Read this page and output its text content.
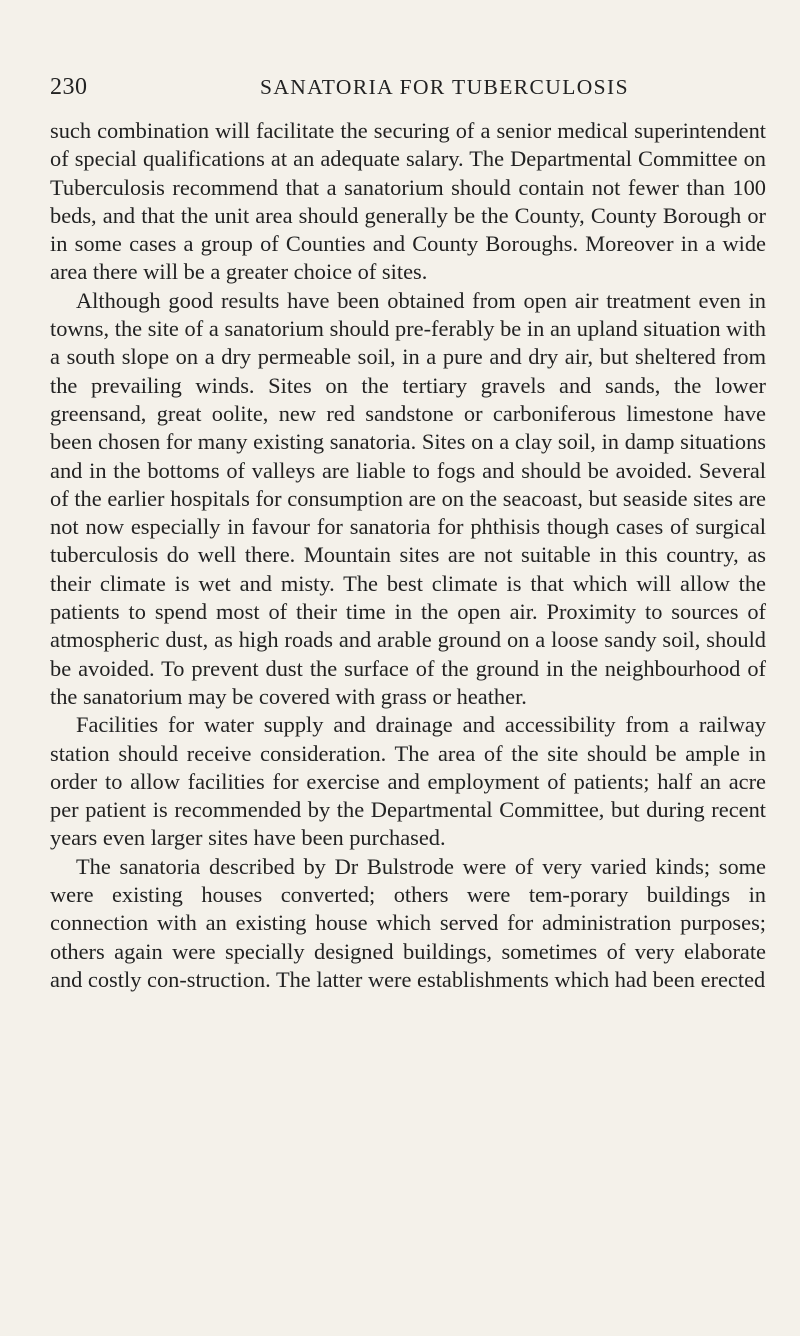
230	SANATORIA FOR TUBERCULOSIS

such combination will facilitate the securing of a senior medical superintendent of special qualifications at an adequate salary. The Departmental Committee on Tuberculosis recommend that a sanatorium should contain not fewer than 100 beds, and that the unit area should generally be the County, County Borough or in some cases a group of Counties and County Boroughs. Moreover in a wide area there will be a greater choice of sites.

Although good results have been obtained from open air treatment even in towns, the site of a sanatorium should pre-ferably be in an upland situation with a south slope on a dry permeable soil, in a pure and dry air, but sheltered from the prevailing winds. Sites on the tertiary gravels and sands, the lower greensand, great oolite, new red sandstone or carboniferous limestone have been chosen for many existing sanatoria. Sites on a clay soil, in damp situations and in the bottoms of valleys are liable to fogs and should be avoided. Several of the earlier hospitals for consumption are on the seacoast, but seaside sites are not now especially in favour for sanatoria for phthisis though cases of surgical tuberculosis do well there. Mountain sites are not suitable in this country, as their climate is wet and misty. The best climate is that which will allow the patients to spend most of their time in the open air. Proximity to sources of atmospheric dust, as high roads and arable ground on a loose sandy soil, should be avoided. To prevent dust the surface of the ground in the neighbourhood of the sanatorium may be covered with grass or heather.

Facilities for water supply and drainage and accessibility from a railway station should receive consideration. The area of the site should be ample in order to allow facilities for exercise and employment of patients; half an acre per patient is recommended by the Departmental Committee, but during recent years even larger sites have been purchased.

The sanatoria described by Dr Bulstrode were of very varied kinds; some were existing houses converted; others were tem-porary buildings in connection with an existing house which served for administration purposes; others again were specially designed buildings, sometimes of very elaborate and costly con-struction. The latter were establishments which had been erected
